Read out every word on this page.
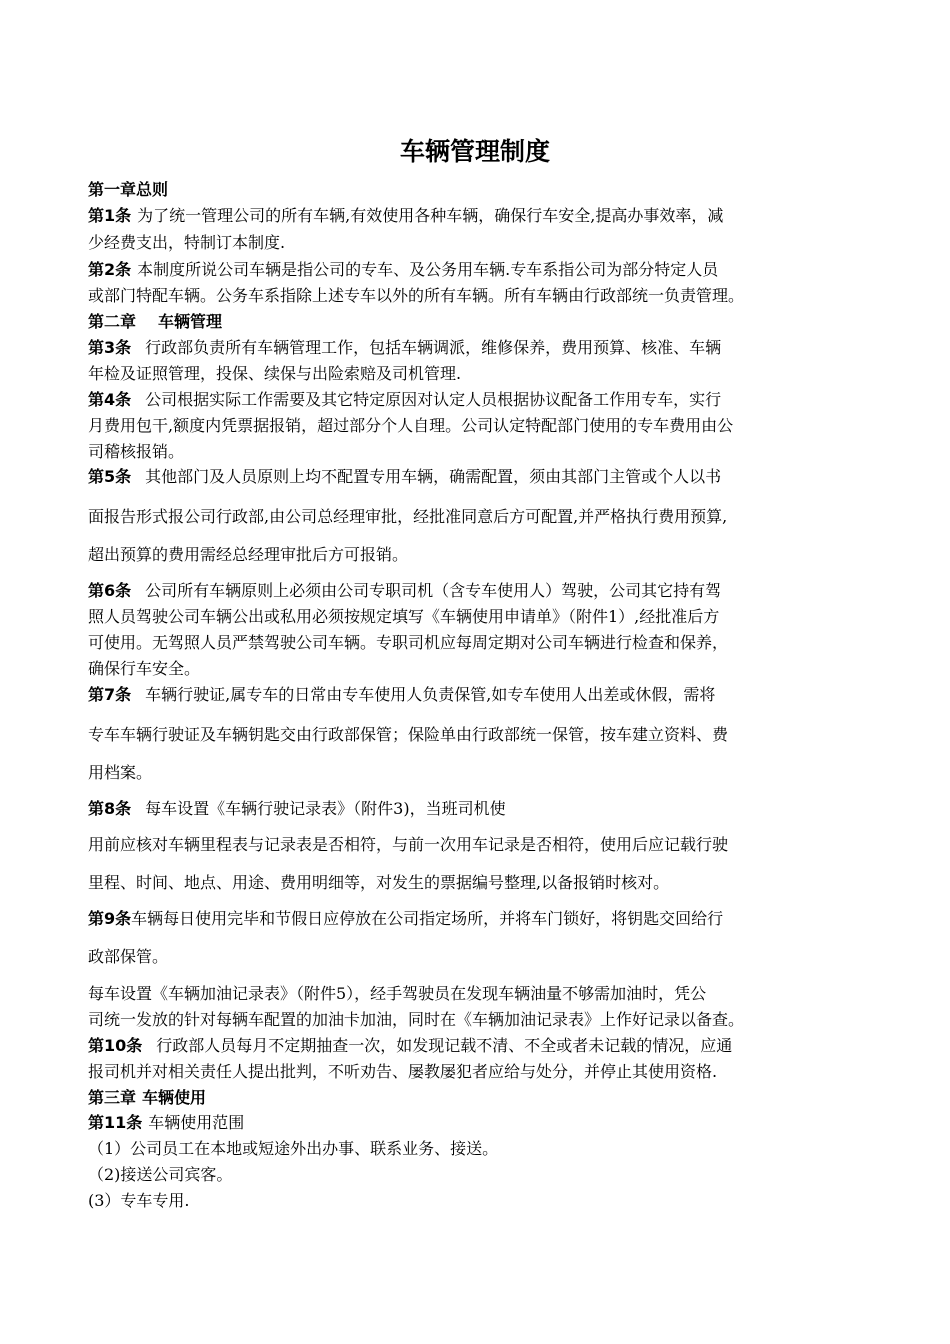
车辆管理制度
第一章总则
第1条 为了统一管理公司的所有车辆,有效使用各种车辆，确保行车安全,提高办事效率，减
少经费支出，特制订本制度.
第2条 本制度所说公司车辆是指公司的专车、及公务用车辆.专车系指公司为部分特定人员
或部门特配车辆。公务车系指除上述专车以外的所有车辆。所有车辆由行政部统一负责管理。
第二章 车辆管理
第3条 行政部负责所有车辆管理工作，包括车辆调派，维修保养，费用预算、核准、车辆
年检及证照管理，投保、续保与出险索赔及司机管理.
第4条 公司根据实际工作需要及其它特定原因对认定人员根据协议配备工作用专车，实行
月费用包干,额度内凭票据报销，超过部分个人自理。公司认定特配部门使用的专车费用由公
司稽核报销。
第5条 其他部门及人员原则上均不配置专用车辆，确需配置，须由其部门主管或个人以书
面报告形式报公司行政部,由公司总经理审批，经批准同意后方可配置,并严格执行费用预算,
超出预算的费用需经总经理审批后方可报销。
第6条 公司所有车辆原则上必须由公司专职司机（含专车使用人）驾驶，公司其它持有驾
照人员驾驶公司车辆公出或私用必须按规定填写《车辆使用申请单》（附件1）,经批准后方
可使用。无驾照人员严禁驾驶公司车辆。专职司机应每周定期对公司车辆进行检查和保养，
确保行车安全。
第7条 车辆行驶证,属专车的日常由专车使用人负责保管,如专车使用人出差或休假，需将
专车车辆行驶证及车辆钥匙交由行政部保管；保险单由行政部统一保管，按车建立资料、费
用档案。
第8条 每车设置《车辆行驶记录表》（附件3)，当班司机使
用前应核对车辆里程表与记录表是否相符，与前一次用车记录是否相符，使用后应记载行驶
里程、时间、地点、用途、费用明细等，对发生的票据编号整理,以备报销时核对。
第9条车辆每日使用完毕和节假日应停放在公司指定场所，并将车门锁好，将钥匙交回给行
政部保管。
每车设置《车辆加油记录表》（附件5），经手驾驶员在发现车辆油量不够需加油时，凭公
司统一发放的针对每辆车配置的加油卡加油，同时在《车辆加油记录表》上作好记录以备查。
第10条 行政部人员每月不定期抽查一次，如发现记载不清、不全或者未记载的情况，应通
报司机并对相关责任人提出批判，不听劝告、屡教屡犯者应给与处分，并停止其使用资格.
第三章 车辆使用
第11条 车辆使用范围
（1）公司员工在本地或短途外出办事、联系业务、接送。
（2)接送公司宾客。
(3）专车专用.
